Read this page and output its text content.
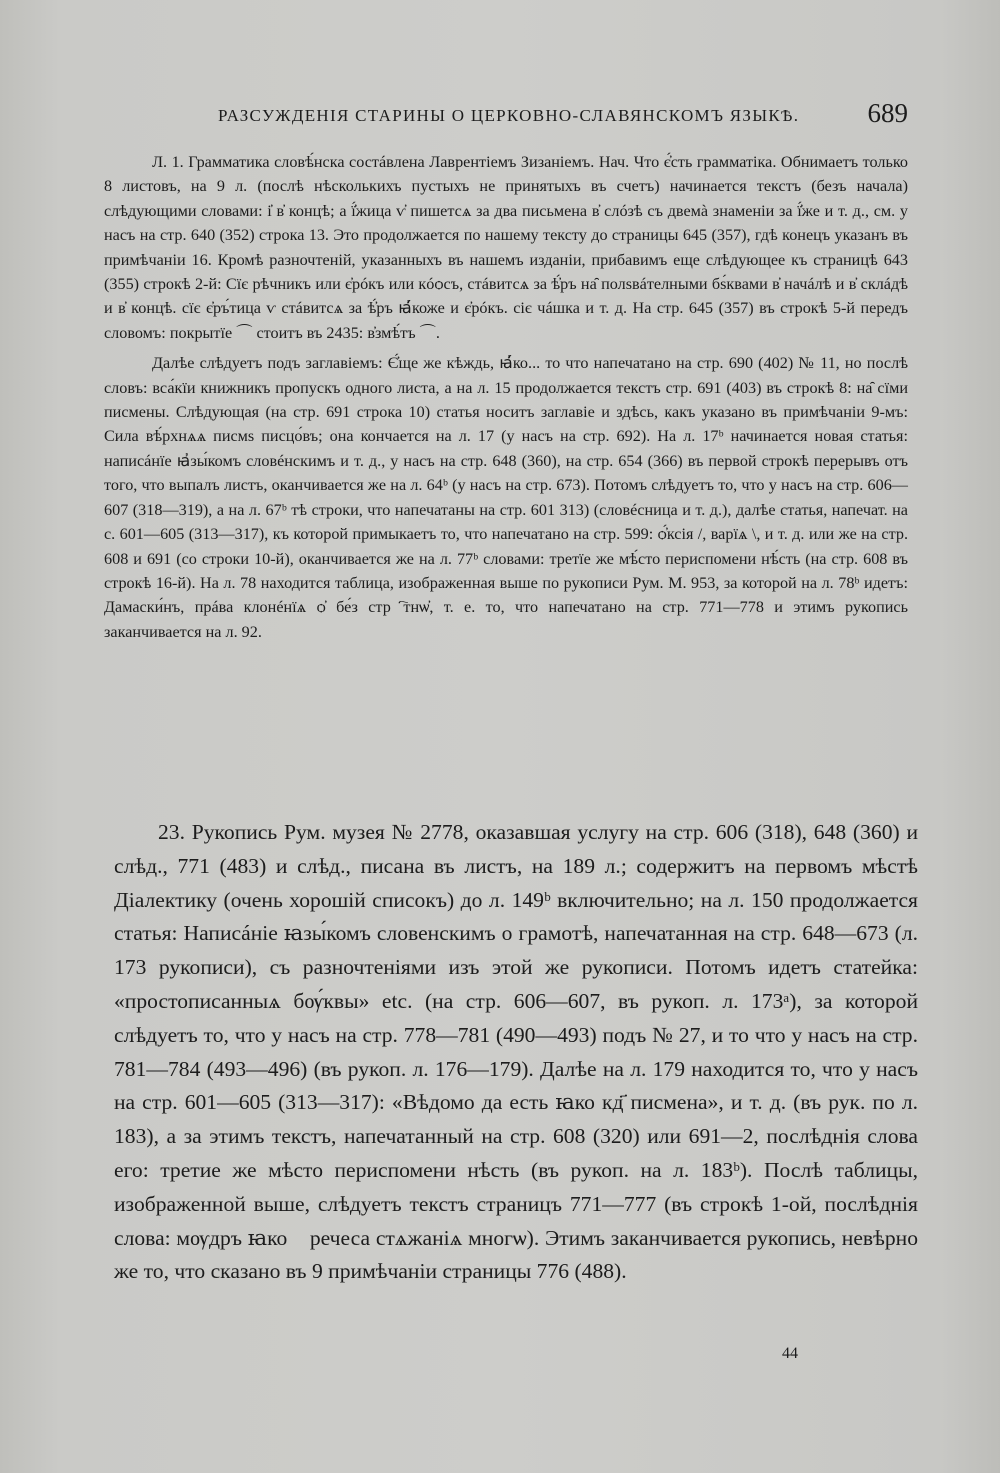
РАЗСУЖДЕНІЯ СТАРИНЫ О ЦЕРКОВНО-СЛАВЯНСКОМЪ ЯЗЫКѢ.	689

Л. 1. Грамматика словѣ́нска состáвлена Лаврентіемъ Зизаніемъ. Нач. Что є҆́сть грамматіка. Обнимаетъ только 8 листовъ, на 9 л. (послѣ нѣсколькихъ пустыхъ не принятыхъ въ счетъ) начинается текстъ (безъ начала) слѣдующими словами: і҆ в҆ концѣ; а ї҆́жица ѵ҆ пишетсѧ за два письмена в҆ слóзѣ съ двемà знаменіи за ї҆́же и т. д., см. у насъ на стр. 640 (352) строка 13. Это продолжается по нашему тексту до страницы 645 (357), гдѣ конецъ указанъ въ примѣчаніи 16. Кромѣ разночтеній, указанныхъ въ нашемъ изданіи, прибавимъ еще слѣдующее къ страницѣ 643 (355) строкѣ 2-й: Сїє рѣчникъ или є҆рóкъ или кóѻсъ, стáвитсѧ за ѣ҆́ръ на̑ полѕвáтелными бѕ́квами в҆ начáлѣ и в҆ склáдѣ и в҆ концѣ. сїє є҆ръ́тица ѵ стáвитсѧ за ѣ҆́ръ ꙗ҆́коже и є҆рóкъ. сіє чáшка и т. д. На стр. 645 (357) въ строкѣ 5-й передъ словомъ: покрытїе ⌒ стоитъ въ 2435: в҆змѣ́тъ ⌒.

Далѣе слѣдуетъ подъ заглавіемъ: Є҆́ще же кѣждь, ꙗ҆́ко... то что напечатано на стр. 690 (402) № 11, но послѣ словъ: вса́кїи книжникъ пропускъ одного листа, а на л. 15 продолжается текстъ стр. 691 (403) въ строкѣ 8: на̑ сїми писмены. Слѣдующая (на стр. 691 строка 10) статья носитъ заглавіе и здѣсь, какъ указано въ примѣчаніи 9-мъ: Сила вѣ́рхнѧѧ писмѕ писцо́въ; она кончается на л. 17 (у насъ на стр. 692). На л. 17ᵇ начинается новая статья: написáнїе ꙗ҆зы́комъ словéнскимъ и т. д., у насъ на стр. 648 (360), на стр. 654 (366) въ первой строкѣ перерывъ отъ того, что выпалъ листъ, оканчивается же на л. 64ᵇ (у насъ на стр. 673). Потомъ слѣдуетъ то, что у насъ на стр. 606—607 (318—319), а на л. 67ᵇ тѣ строки, что напечатаны на стр. 601 313) (словéсница и т. д.), далѣе статья, напечат. на с. 601—605 (313—317), къ которой примыкаетъ то, что напечатано на стр. 599: ѻ҆́ксія /, варїѧ \, и т. д. или же на стр. 608 и 691 (со строки 10-й), оканчивается же на л. 77ᵇ словами: третїе же мѣ́сто периспомени нѣ́сть (на стр. 608 въ строкѣ 16-й). На л. 78 находится таблица, изображенная выше по рукописи Рум. М. 953, за которой на л. 78ᵇ идетъ: Дамаски́нъ, прáва клонéнїѧ ѻ҆ бе́з стрⷭ҇тнѡ҆, т. е. то, что напечатано на стр. 771—778 и этимъ рукопись заканчивается на л. 92.

23. Рукопись Рум. музея № 2778, оказавшая услугу на стр. 606 (318), 648 (360) и слѣд., 771 (483) и слѣд., писана въ листъ, на 189 л.; содержитъ на первомъ мѣстѣ Діалектику (очень хорошій списокъ) до л. 149ᵇ включительно; на л. 150 продолжается статья: Написáніе ꙗзы́комъ словенскимъ о грамотѣ, напечатанная на стр. 648—673 (л. 173 рукописи), съ разночтеніями изъ этой же рукописи. Потомъ идетъ статейка: «простописанныѧ бѹ́квы» etc. (на стр. 606—607, въ рукоп. л. 173ᵃ), за которой слѣдуетъ то, что у насъ на стр. 778—781 (490—493) подъ № 27, и то что у насъ на стр. 781—784 (493—496) (въ рукоп. л. 176—179). Далѣе на л. 179 находится то, что у насъ на стр. 601—605 (313—317): «Вѣдомо да есть ꙗко кд҃ писмена», и т. д. (въ рук. по л. 183), а за этимъ текстъ, напечатанный на стр. 608 (320) или 691—2, послѣднія слова его: третие же мѣсто периспомени нѣсть (въ рукоп. на л. 183ᵇ). Послѣ таблицы, изображенной выше, слѣдуетъ текстъ страницъ 771—777 (въ строкѣ 1-ой, послѣднія слова: мѹдръ ꙗкоⷤ речеса стѧжаніѧ многѡ). Этимъ заканчивается рукопись, невѣрно же то, что сказано въ 9 примѣчаніи страницы 776 (488).

44
